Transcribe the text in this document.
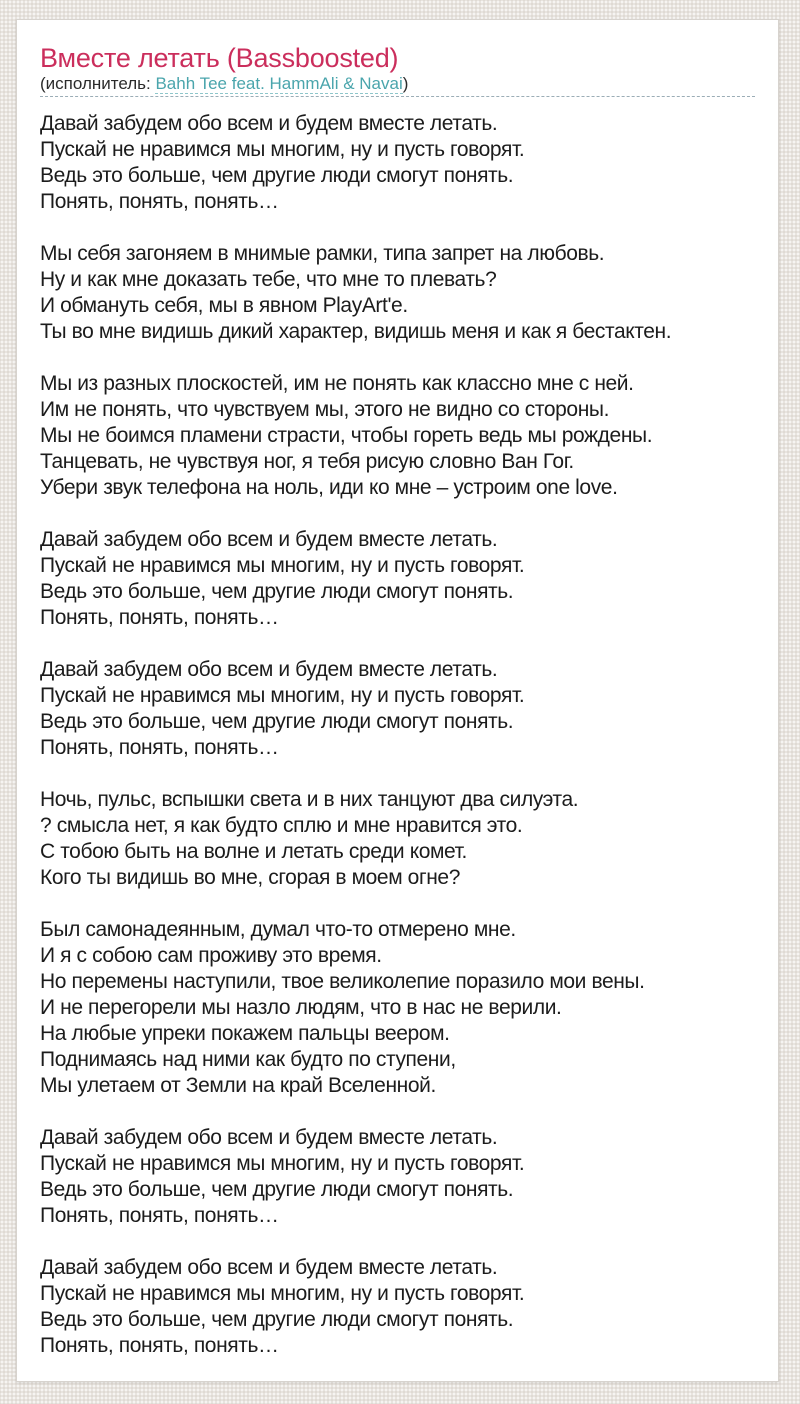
Вместе летать (Bassboosted)
(исполнитель: Bahh Tee feat. HammAli & Navai)

Давай забудем обо всем и будем вместе летать.
Пускай не нравимся мы многим, ну и пусть говорят.
Ведь это больше, чем другие люди смогут понять.
Понять, понять, понять…

Мы себя загоняем в мнимые рамки, типа запрет на любовь.
Ну и как мне доказать тебе, что мне то плевать?
И обмануть себя, мы в явном PlayArt'е.
Ты во мне видишь дикий характер, видишь меня и как я бестактен.

Мы из разных плоскостей, им не понять как классно мне с ней.
Им не понять, что чувствуем мы, этого не видно со стороны.
Мы не боимся пламени страсти, чтобы гореть ведь мы рождены.
Танцевать, не чувствуя ног, я тебя рисую словно Ван Гог.
Убери звук телефона на ноль, иди ко мне – устроим one love.

Давай забудем обо всем и будем вместе летать.
Пускай не нравимся мы многим, ну и пусть говорят.
Ведь это больше, чем другие люди смогут понять.
Понять, понять, понять…

Давай забудем обо всем и будем вместе летать.
Пускай не нравимся мы многим, ну и пусть говорят.
Ведь это больше, чем другие люди смогут понять.
Понять, понять, понять…

Ночь, пульс, вспышки света и в них танцуют два силуэта.
? смысла нет, я как будто сплю и мне нравится это.
С тобою быть на волне и летать среди комет.
Кого ты видишь во мне, сгорая в моем огне?

Был самонадеянным, думал что-то отмерено мне.
И я с собою сам проживу это время.
Но перемены наступили, твое великолепие поразило мои вены.
И не перегорели мы назло людям, что в нас не верили.
На любые упреки покажем пальцы веером.
Поднимаясь над ними как будто по ступени,
Мы улетаем от Земли на край Вселенной.

Давай забудем обо всем и будем вместе летать.
Пускай не нравимся мы многим, ну и пусть говорят.
Ведь это больше, чем другие люди смогут понять.
Понять, понять, понять…

Давай забудем обо всем и будем вместе летать.
Пускай не нравимся мы многим, ну и пусть говорят.
Ведь это больше, чем другие люди смогут понять.
Понять, понять, понять…
